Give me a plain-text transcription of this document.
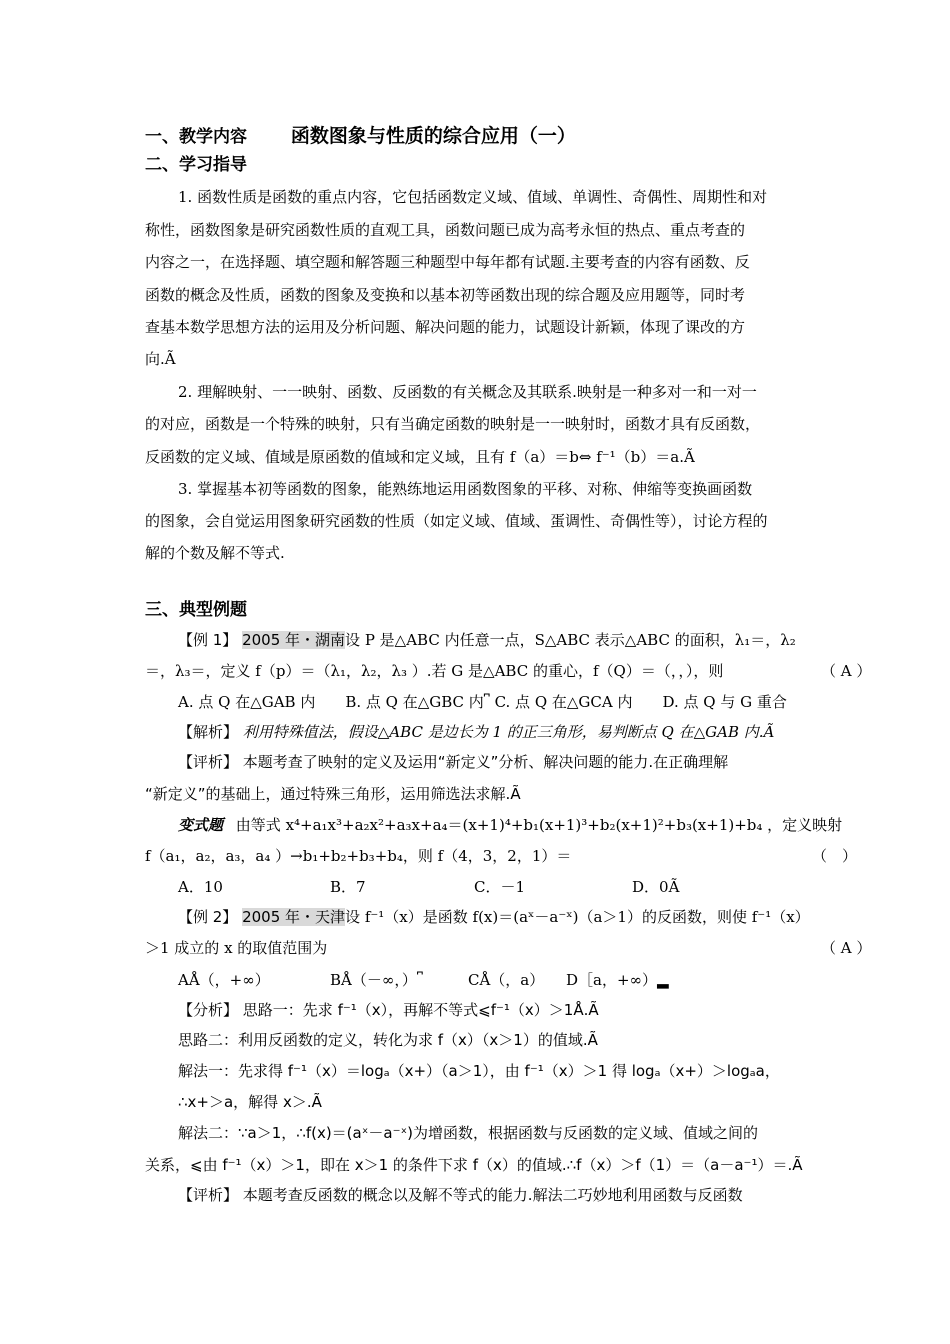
一、教学内容 函数图象与性质的综合应用（一）
二、学习指导
1. 函数性质是函数的重点内容，它包括函数定义域、值域、单调性、奇偶性、周期性和对
称性，函数图象是研究函数性质的直观工具，函数问题已成为高考永恒的热点、重点考查的
内容之一，在选择题、填空题和解答题三种题型中每年都有试题.主要考查的内容有函数、反
函数的概念及性质，函数的图象及变换和以基本初等函数出现的综合题及应用题等，同时考
查基本数学思想方法的运用及分析问题、解决问题的能力，试题设计新颖，体现了课改的方
向.Ã
2. 理解映射、一一映射、函数、反函数的有关概念及其联系.映射是一种多对一和一对一
的对应，函数是一个特殊的映射，只有当确定函数的映射是一一映射时，函数才具有反函数，
反函数的定义域、值域是原函数的值域和定义域，且有 f（a）＝b⇔ f⁻¹（b）＝a.Ã
3. 掌握基本初等函数的图象，能熟练地运用函数图象的平移、对称、伸缩等变换画函数
的图象，会自觉运用图象研究函数的性质（如定义域、值域、蛋调性、奇偶性等），讨论方程的
解的个数及解不等式.
三、典型例题
【例 1】 2005 年・湖南设 P 是△ABC 内任意一点，S△ABC 表示△ABC 的面积，λ₁＝，λ₂
＝，λ₃＝，定义 f（p）＝（λ₁，λ₂，λ₃ ）.若 G 是△ABC 的重心，f（Q）＝（，，），则	（ A ）
A. 点 Q 在△GAB 内　　B. 点 Q 在△GBC 内⎴ C. 点 Q 在△GCA 内　　D. 点 Q 与 G 重合
【解析】 利用特殊值法，假设△ABC 是边长为 1 的正三角形，易判断点 Q 在△GAB 内.Ã
【评析】 本题考查了映射的定义及运用“新定义”分析、解决问题的能力.在正确理解
“新定义”的基础上，通过特殊三角形，运用筛选法求解.Ã
变式题 由等式 x⁴+a₁x³+a₂x²+a₃x+a₄＝(x+1)⁴+b₁(x+1)³+b₂(x+1)²+b₃(x+1)+b₄ ，定义映射
f（a₁，a₂，a₃，a₄ ）→b₁+b₂+b₃+b₄，则 f（4，3，2，1）＝	（　）
A．10	B．7	C．－1	D．0Ã
【例 2】 2005 年・天津设 f⁻¹（x）是函数 f(x)＝(aˣ－a⁻ˣ)（a＞1）的反函数，则使 f⁻¹（x）
＞1 成立的 x 的取值范围为	（ A ）
AÅ（，+∞）	BÅ（－∞，）⎴	CÅ（，a） D［a，+∞）▂
【分析】 思路一：先求 f⁻¹（x），再解不等式⩽f⁻¹（x）＞1Å.Ã
思路二：利用反函数的定义，转化为求 f（x）（x＞1）的值域.Ã
解法一：先求得 f⁻¹（x）＝logₐ（x+）（a＞1），由 f⁻¹（x）＞1 得 logₐ（x+）＞logₐa，
∴x+＞a，解得 x＞.Ã
解法二：∵a＞1，∴f(x)＝(aˣ－a⁻ˣ)为增函数，根据函数与反函数的定义域、值域之间的
关系，⩽由 f⁻¹（x）＞1，即在 x＞1 的条件下求 f（x）的值域.∴f（x）＞f（1）＝（a－a⁻¹）＝.Ã
【评析】 本题考查反函数的概念以及解不等式的能力.解法二巧妙地利用函数与反函数
